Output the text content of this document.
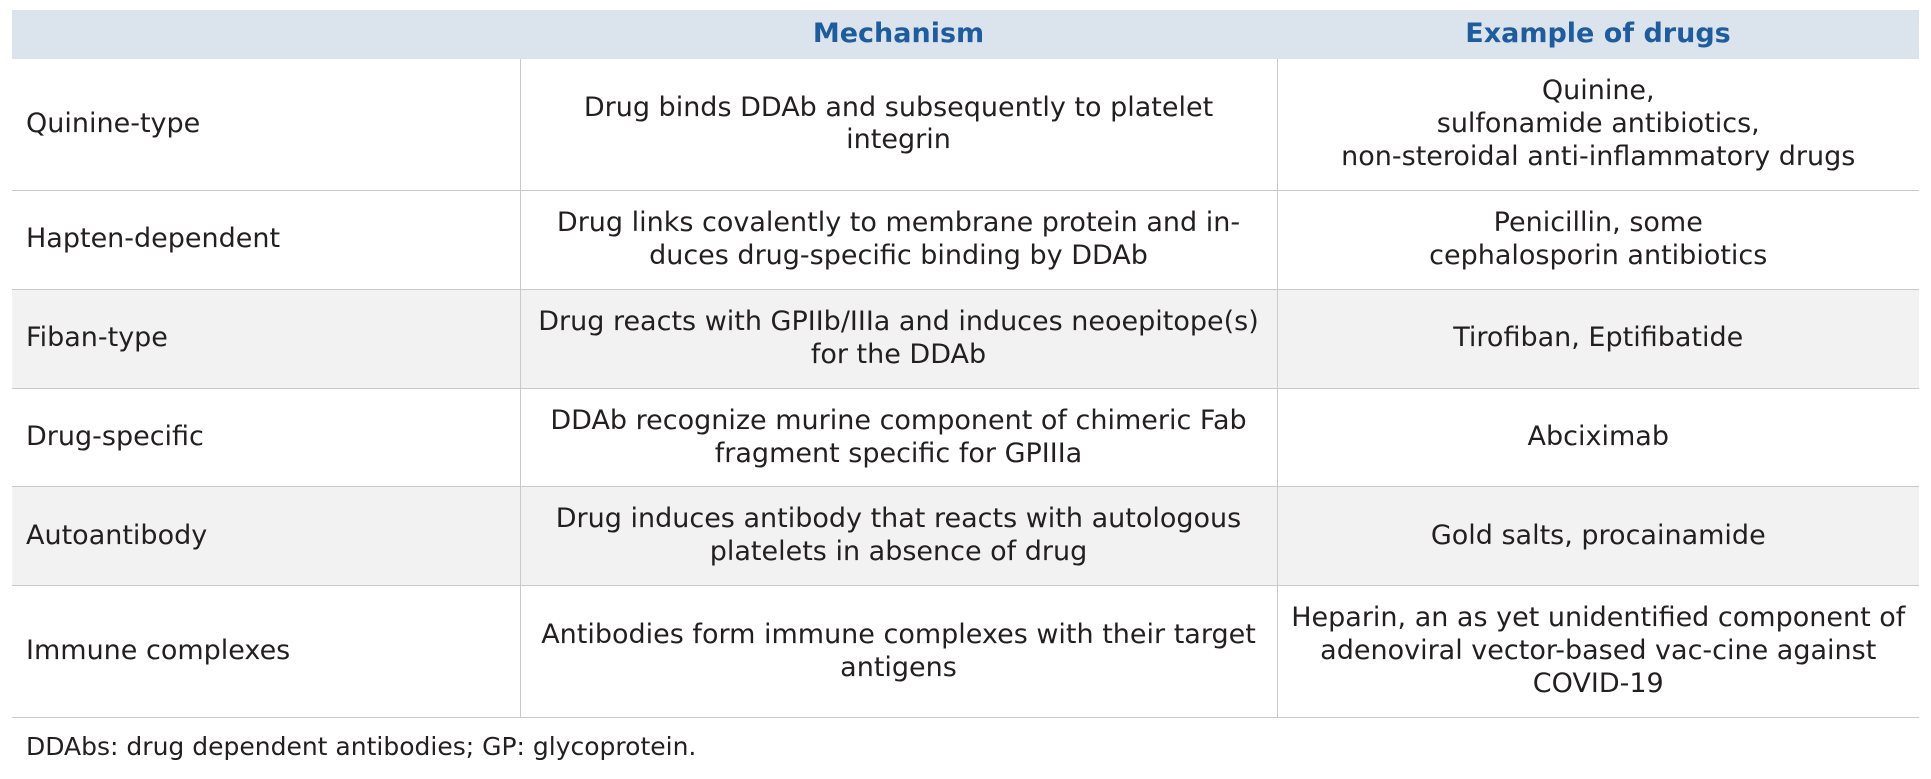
	Mechanism	Example of drugs
Quinine-type	Drug binds DDAb and subsequently to platelet integrin	Quinine,
sulfonamide antibiotics,
non-steroidal anti-inflammatory drugs
Hapten-dependent	Drug links covalently to membrane protein and in-duces drug-specific binding by DDAb	Penicillin, some
cephalosporin antibiotics
Fiban-type	Drug reacts with GPIIb/IIIa and induces neoepitope(s) for the DDAb	Tirofiban, Eptifibatide
Drug-specific	DDAb recognize murine component of chimeric Fab fragment specific for GPIIIa	Abciximab
Autoantibody	Drug induces antibody that reacts with autologous platelets in absence of drug	Gold salts, procainamide
Immune complexes	Antibodies form immune complexes with their target antigens	Heparin, an as yet unidentified component of adenoviral vector-based vac-cine against COVID-19
DDAbs: drug dependent antibodies; GP: glycoprotein.
